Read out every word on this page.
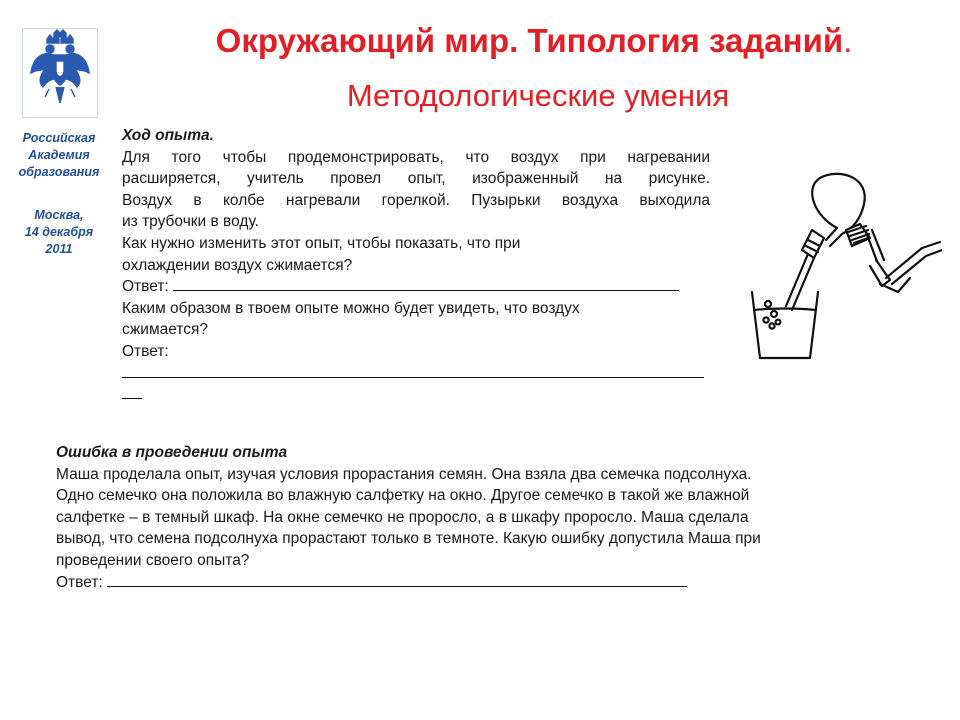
Российская
Академия
образования
Москва,
14 декабря
2011
Окружающий мир. Типология заданий.
Методологические умения
Ход опыта.
Для того чтобы продемонстрировать, что воздух при нагревании
расширяется, учитель провел опыт, изображенный на рисунке.
Воздух в колбе нагревали горелкой. Пузырьки воздуха выходила
из трубочки в воду.
Как нужно изменить этот опыт, чтобы показать, что при
охлаждении воздух сжимается?
Ответ:
Каким образом в твоем опыте можно будет увидеть, что воздух
сжимается?
Ответ:
Ошибка в проведении опыта
Маша проделала опыт, изучая условия прорастания семян. Она взяла два семечка подсолнуха.
Одно семечко она положила во влажную салфетку на окно. Другое семечко в такой же влажной
салфетке – в темный шкаф. На окне семечко не проросло, а в шкафу проросло. Маша сделала
вывод, что семена подсолнуха прорастают только в темноте. Какую ошибку допустила Маша при
проведении своего опыта?
Ответ:
